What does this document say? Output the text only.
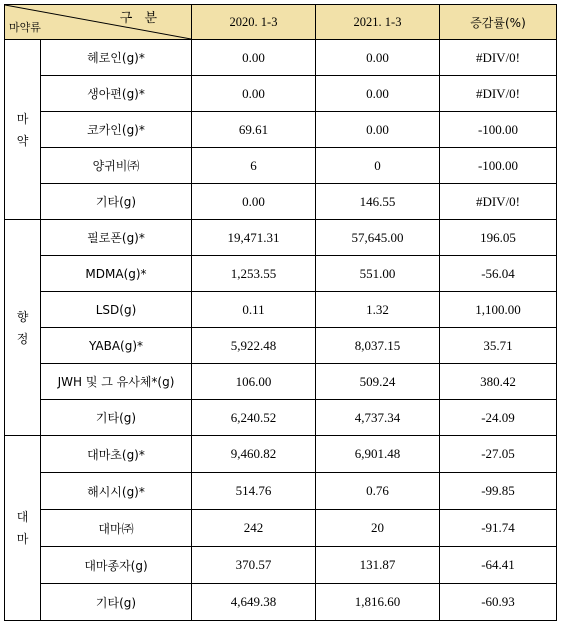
구 분
마약류		2020. 1-3	2021. 1-3	증감률(%)

마
약	헤로인(g)*	0.00	0.00	#DIV/0!
	생아편(g)*	0.00	0.00	#DIV/0!
	코카인(g)*	69.61	0.00	-100.00
	양귀비㈜	6	0	-100.00
	기타(g)	0.00	146.55	#DIV/0!

향
정	필로폰(g)*	19,471.31	57,645.00	196.05
	MDMA(g)*	1,253.55	551.00	-56.04
	LSD(g)	0.11	1.32	1,100.00
	YABA(g)*	5,922.48	8,037.15	35.71
	JWH 및 그 유사체*(g)	106.00	509.24	380.42
	기타(g)	6,240.52	4,737.34	-24.09

대
마	대마초(g)*	9,460.82	6,901.48	-27.05
	해시시(g)*	514.76	0.76	-99.85
	대마㈜	242	20	-91.74
	대마종자(g)	370.57	131.87	-64.41
	기타(g)	4,649.38	1,816.60	-60.93
